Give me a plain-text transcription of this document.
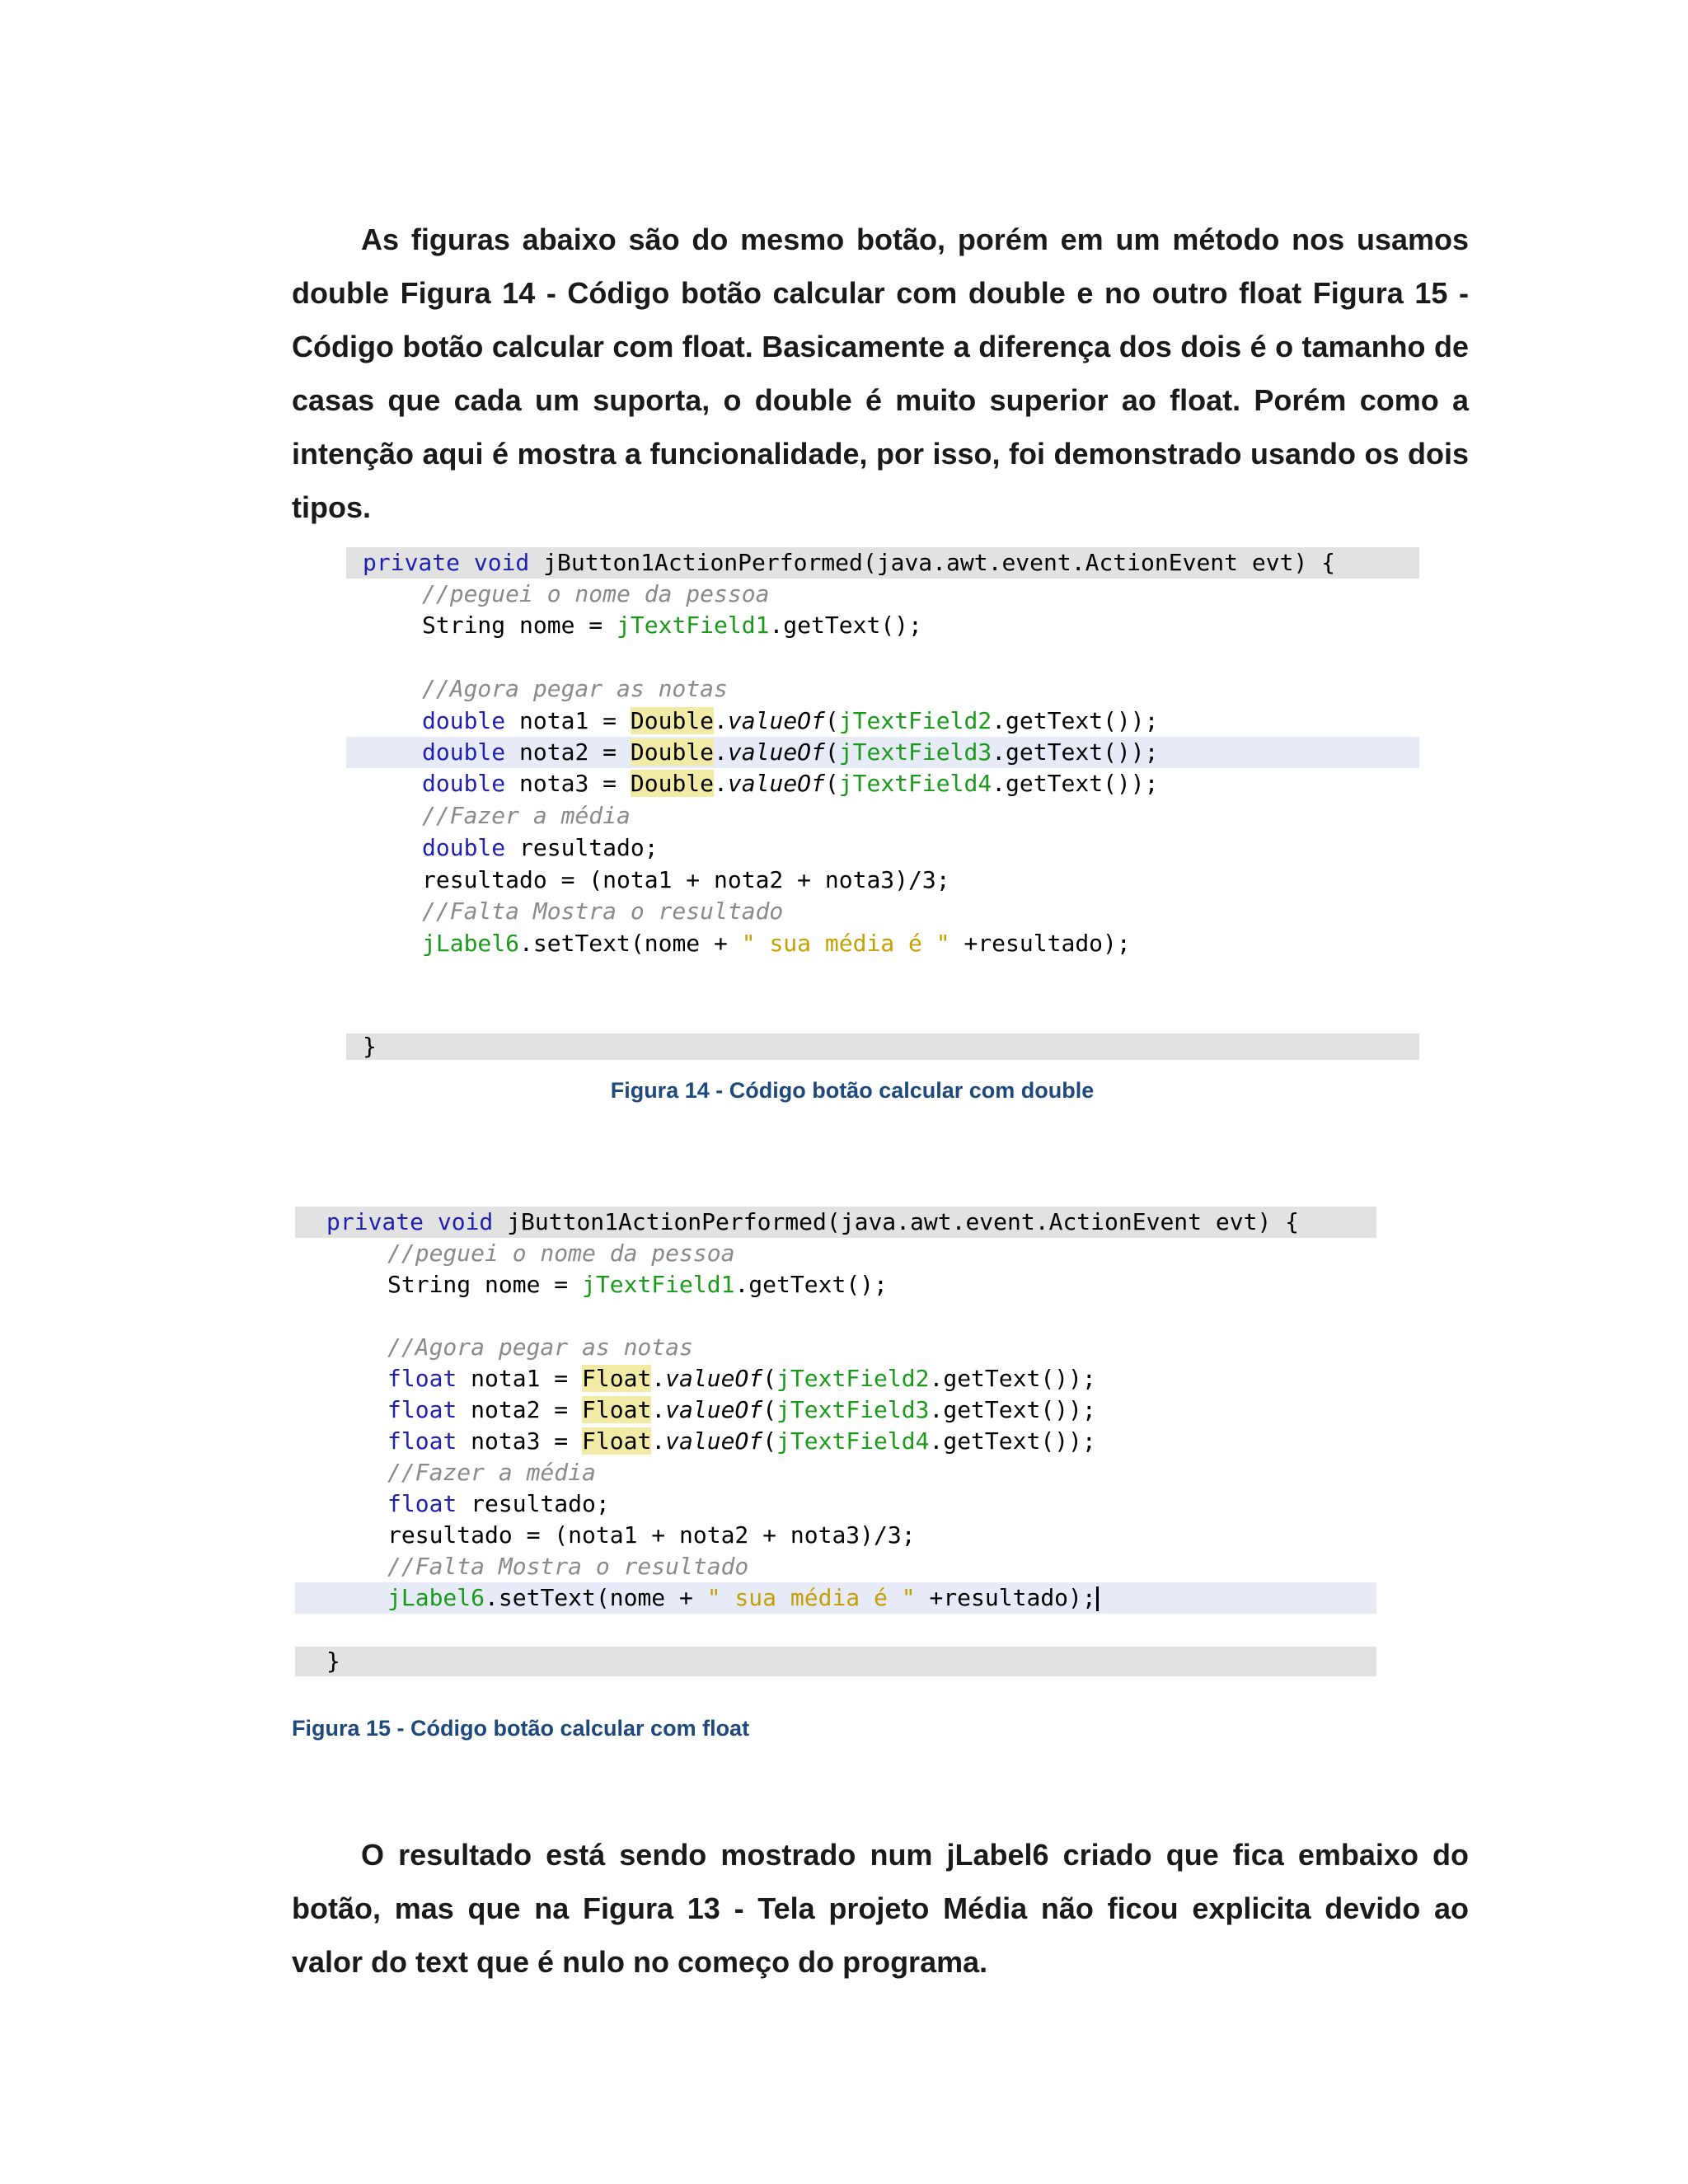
As figuras abaixo são do mesmo botão, porém em um método nos usamos double Figura 14 - Código botão calcular com double e no outro float Figura 15 - Código botão calcular com float. Basicamente a diferença dos dois é o tamanho de casas que cada um suporta, o double é muito superior ao float. Porém como a intenção aqui é mostra a funcionalidade, por isso, foi demonstrado usando os dois tipos.

private void jButton1ActionPerformed(java.awt.event.ActionEvent evt) {
//peguei o nome da pessoa
String nome = jTextField1.getText();
//Agora pegar as notas
double nota1 = Double.valueOf(jTextField2.getText());
double nota2 = Double.valueOf(jTextField3.getText());
double nota3 = Double.valueOf(jTextField4.getText());
//Fazer a média
double resultado;
resultado = (nota1 + nota2 + nota3)/3;
//Falta Mostra o resultado
jLabel6.setText(nome + " sua média é " +resultado);
}

Figura 14 - Código botão calcular com double

private void jButton1ActionPerformed(java.awt.event.ActionEvent evt) {
//peguei o nome da pessoa
String nome = jTextField1.getText();
//Agora pegar as notas
float nota1 = Float.valueOf(jTextField2.getText());
float nota2 = Float.valueOf(jTextField3.getText());
float nota3 = Float.valueOf(jTextField4.getText());
//Fazer a média
float resultado;
resultado = (nota1 + nota2 + nota3)/3;
//Falta Mostra o resultado
jLabel6.setText(nome + " sua média é " +resultado);
}

Figura 15 - Código botão calcular com float

O resultado está sendo mostrado num jLabel6 criado que fica embaixo do botão, mas que na Figura 13 - Tela projeto Média não ficou explicita devido ao valor do text que é nulo no começo do programa.
